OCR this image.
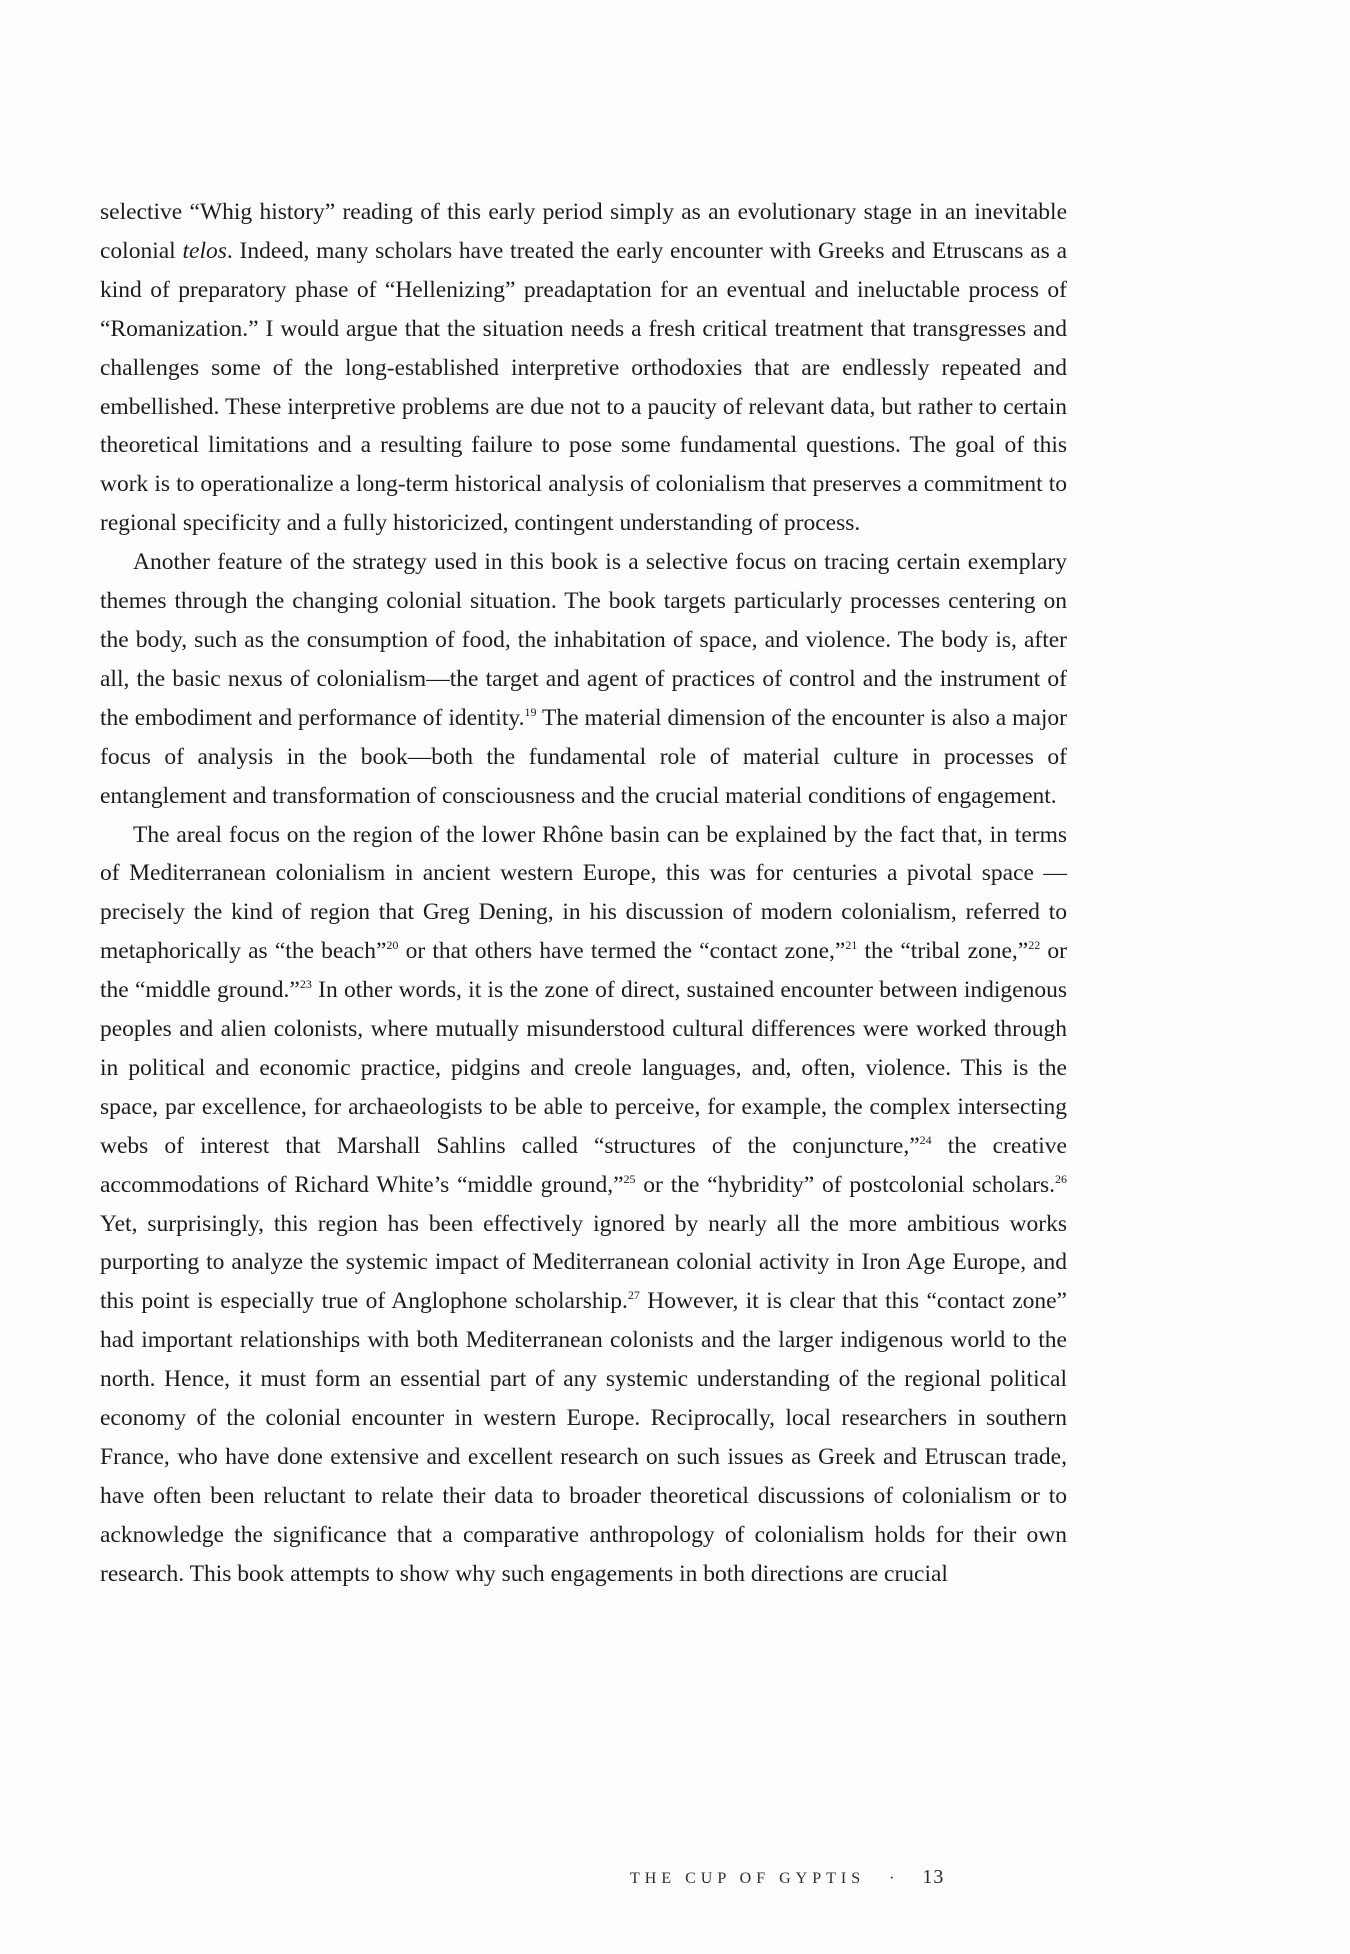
selective “Whig history” reading of this early period simply as an evolutionary stage in an inevitable colonial telos. Indeed, many scholars have treated the early encounter with Greeks and Etruscans as a kind of preparatory phase of “Hellenizing” preadaptation for an eventual and ineluctable process of “Romanization.” I would argue that the situation needs a fresh critical treatment that transgresses and challenges some of the long-established interpretive orthodoxies that are endlessly repeated and embellished. These interpretive problems are due not to a paucity of relevant data, but rather to certain theoretical limitations and a resulting failure to pose some fundamental questions. The goal of this work is to operationalize a long-term historical analysis of colonialism that preserves a commitment to regional specificity and a fully historicized, contingent understanding of process.

Another feature of the strategy used in this book is a selective focus on tracing certain exemplary themes through the changing colonial situation. The book targets particularly processes centering on the body, such as the consumption of food, the inhabitation of space, and violence. The body is, after all, the basic nexus of colonialism—the target and agent of practices of control and the instrument of the embodiment and performance of identity.$^{19}$ The material dimension of the encounter is also a major focus of analysis in the book—both the fundamental role of material culture in processes of entanglement and transformation of consciousness and the crucial material conditions of engagement.

The areal focus on the region of the lower Rhône basin can be explained by the fact that, in terms of Mediterranean colonialism in ancient western Europe, this was for centuries a pivotal space — precisely the kind of region that Greg Dening, in his discussion of modern colonialism, referred to metaphorically as “the beach”$^{20}$ or that others have termed the “contact zone,”$^{21}$ the “tribal zone,”$^{22}$ or the “middle ground.”$^{23}$ In other words, it is the zone of direct, sustained encounter between indigenous peoples and alien colonists, where mutually misunderstood cultural differences were worked through in political and economic practice, pidgins and creole languages, and, often, violence. This is the space, par excellence, for archaeologists to be able to perceive, for example, the complex intersecting webs of interest that Marshall Sahlins called “structures of the conjuncture,”$^{24}$ the creative accommodations of Richard White’s “middle ground,”$^{25}$ or the “hybridity” of postcolonial scholars.$^{26}$ Yet, surprisingly, this region has been effectively ignored by nearly all the more ambitious works purporting to analyze the systemic impact of Mediterranean colonial activity in Iron Age Europe, and this point is especially true of Anglophone scholarship.$^{27}$ However, it is clear that this “contact zone” had important relationships with both Mediterranean colonists and the larger indigenous world to the north. Hence, it must form an essential part of any systemic understanding of the regional political economy of the colonial encounter in western Europe. Reciprocally, local researchers in southern France, who have done extensive and excellent research on such issues as Greek and Etruscan trade, have often been reluctant to relate their data to broader theoretical discussions of colonialism or to acknowledge the significance that a comparative anthropology of colonialism holds for their own research. This book attempts to show why such engagements in both directions are crucial

THE CUP OF GYPTIS · 13
